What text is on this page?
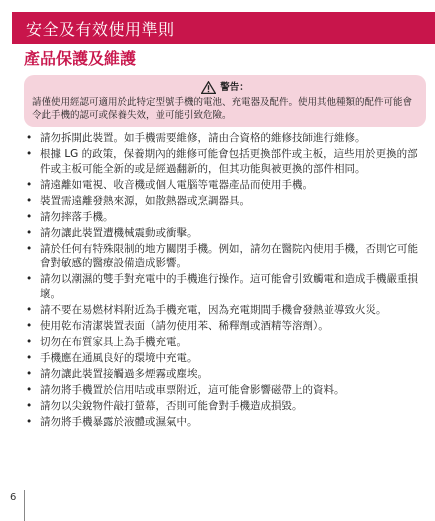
安全及有效使用準則
產品保護及維護
警告：
請僅使用經認可適用於此特定型號手機的電池、充電器及配件。使用其他種類的配件可能會令此手機的認可或保養失效，並可能引致危險。
• 請勿拆開此裝置。如手機需要維修，請由合資格的維修技師進行維修。
• 根據 LG 的政策，保養期內的維修可能會包括更換部件或主板，這些用於更換的部件或主板可能全新的或是經過翻新的，但其功能與被更換的部件相同。
• 請遠離如電視、收音機或個人電腦等電器產品而使用手機。
• 裝置需遠離發熱來源，如散熱器或烹調器具。
• 請勿摔落手機。
• 請勿讓此裝置遭機械震動或衝擊。
• 請於任何有特殊限制的地方關閉手機。例如，請勿在醫院內使用手機，否則它可能會對敏感的醫療設備造成影響。
• 請勿以潮濕的雙手對充電中的手機進行操作。這可能會引致觸電和造成手機嚴重損壞。
• 請不要在易燃材料附近為手機充電，因為充電期間手機會發熱並導致火災。
• 使用乾布清潔裝置表面（請勿使用苯、稀釋劑或酒精等溶劑）。
• 切勿在布質家具上為手機充電。
• 手機應在通風良好的環境中充電。
• 請勿讓此裝置接觸過多煙霧或塵埃。
• 請勿將手機置於信用咭或車票附近，這可能會影響磁帶上的資料。
• 請勿以尖銳物件敲打螢幕，否則可能會對手機造成損毀。
• 請勿將手機暴露於液體或濕氣中。
6
